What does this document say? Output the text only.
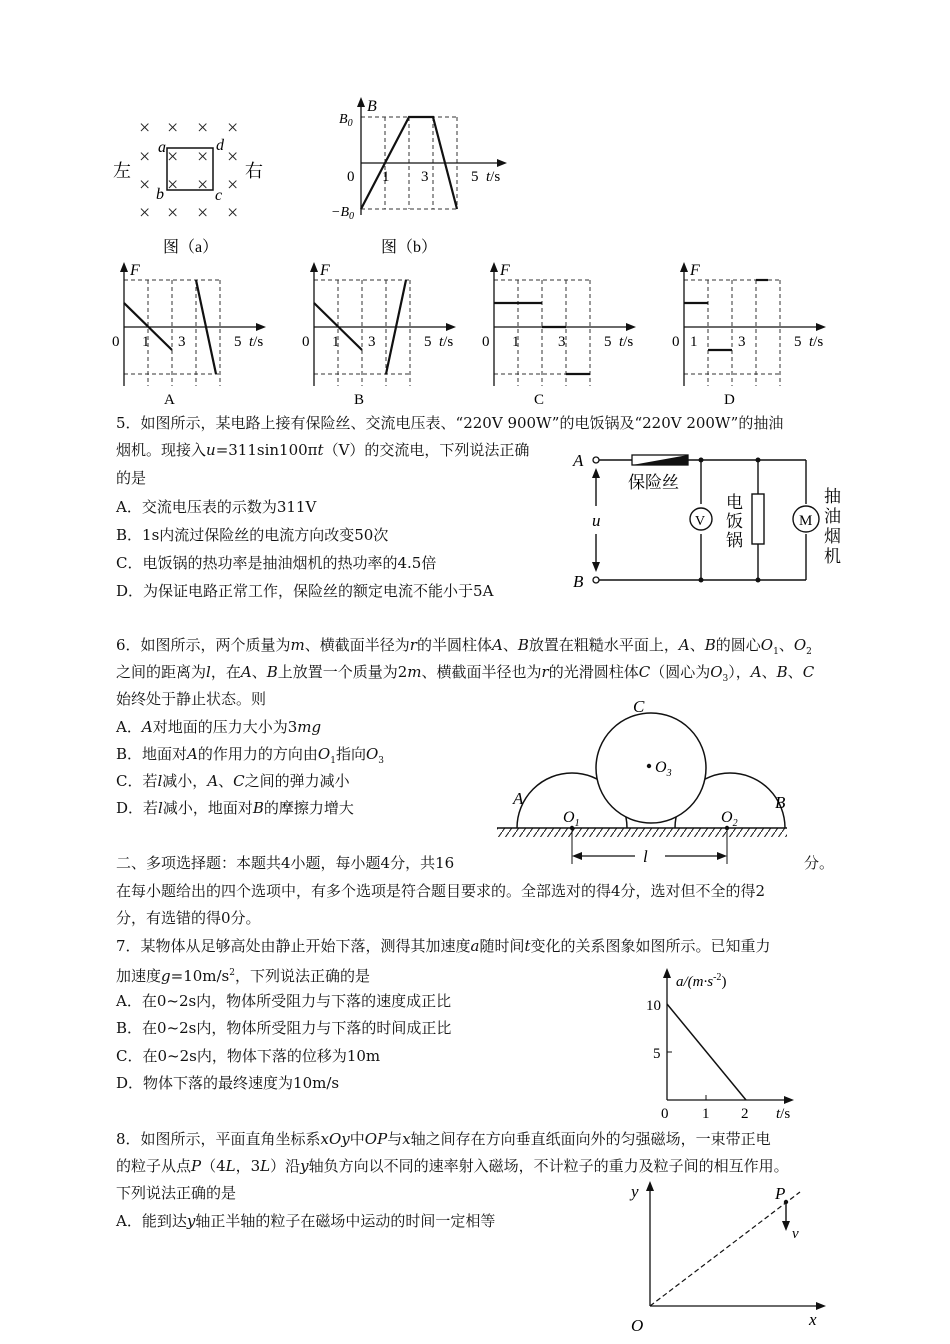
× × × ×
×	×
× ×
× ×
×	×
× × × ×
左	右
a
b	c
d
图（a）
B
$B_0$
$-B_0$
0 1 3	5 t/s
图（b）
F
0 1 3	5 t/s
A
F
0 1 3	5 t/s
B
F
0 1	3	5 t/s
C
F
0 1	3	5 t/s
D
5．如图所示，某电路上接有保险丝、交流电压表、“220V 900W”的电饭锅及“220V 200W”的抽油
烟机。现接入u=311sin100πt（V）的交流电，下列说法正确
的是
A．交流电压表的示数为311V
B．1s内流过保险丝的电流方向改变50次
C．电饭锅的热功率是抽油烟机的热功率的4.5倍
D．为保证电路正常工作，保险丝的额定电流不能小于5A
A
B
u
保险丝
V	M
电
饭
锅
抽
油
烟
机
6．如图所示，两个质量为m、横截面半径为r的半圆柱体A、B放置在粗糙水平面上，A、B的圆心$O_1$、$O_2$
之间的距离为l，在A、B上放置一个质量为2m、横截面半径也为r的光滑圆柱体C（圆心为$O_3$），A、B、C
始终处于静止状态。则
A．A对地面的压力大小为3mg
B．地面对A的作用力的方向由$O_1$指向$O_3$
C．若l减小，A、C之间的弹力减小
D．若l减小，地面对B的摩擦力增大
l
C
$O_3$
A	B
$O_1$	$O_2$
二、多项选择题：本题共4小题，每小题4分，共16	分。
在每小题给出的四个选项中，有多个选项是符合题目要求的。全部选对的得4分，选对但不全的得2
分，有选错的得0分。
7．某物体从足够高处由静止开始下落，测得其加速度a随时间t变化的关系图象如图所示。已知重力
加速度$g=10m/s^2$，下列说法正确的是
A．在0~2s内，物体所受阻力与下落的速度成正比
B．在0~2s内，物体所受阻力与下落的时间成正比
C．在0~2s内，物体下落的位移为10m
D．物体下落的最终速度为10m/s
$a/(m\cdot s^{-2})$
10
5
0 1 2 t/s
8．如图所示，平面直角坐标系xOy中OP与x轴之间存在方向垂直纸面向外的匀强磁场，一束带正电
的粒子从点P（4L，3L）沿y轴负方向以不同的速率射入磁场，不计粒子的重力及粒子间的相互作用。
下列说法正确的是
A．能到达y轴正半轴的粒子在磁场中运动的时间一定相等
y
x
O
P
v
